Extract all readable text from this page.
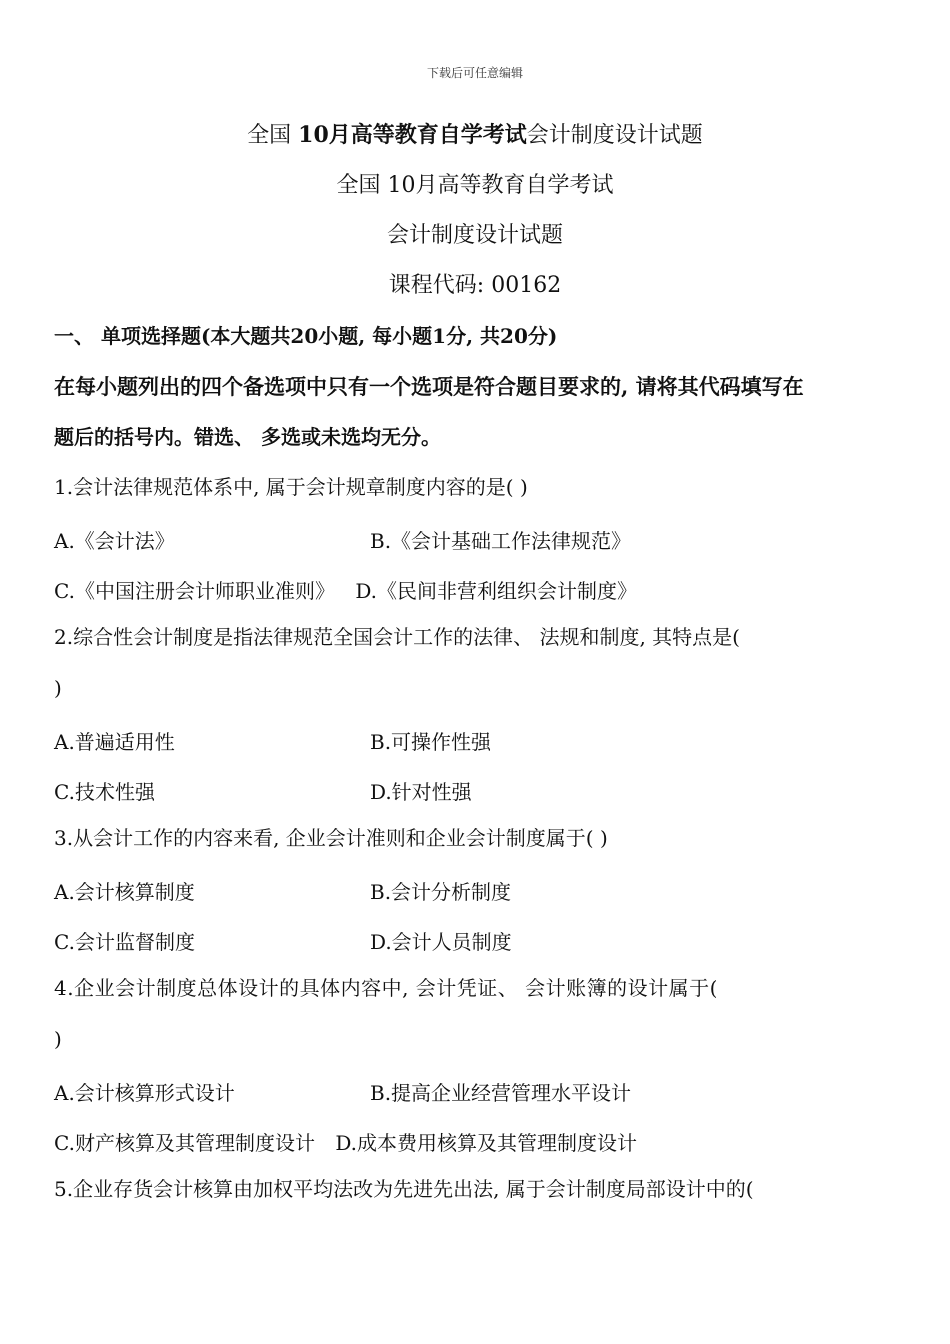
下载后可任意编辑
全国 10月高等教育自学考试会计制度设计试题
全国 10月高等教育自学考试
会计制度设计试题
课程代码: 00162
一、 单项选择题(本大题共20小题, 每小题1分, 共20分)
在每小题列出的四个备选项中只有一个选项是符合题目要求的, 请将其代码填写在
题后的括号内。错选、 多选或未选均无分。
1.会计法律规范体系中, 属于会计规章制度内容的是( )
A.《会计法》	B.《会计基础工作法律规范》
C.《中国注册会计师职业准则》 D.《民间非营利组织会计制度》
2.综合性会计制度是指法律规范全国会计工作的法律、 法规和制度, 其特点是(
)
A.普遍适用性	B.可操作性强
C.技术性强	D.针对性强
3.从会计工作的内容来看, 企业会计准则和企业会计制度属于( )
A.会计核算制度	B.会计分析制度
C.会计监督制度	D.会计人员制度
4.企业会计制度总体设计的具体内容中, 会计凭证、 会计账簿的设计属于(
)
A.会计核算形式设计	B.提高企业经营管理水平设计
C.财产核算及其管理制度设计 D.成本费用核算及其管理制度设计
5.企业存货会计核算由加权平均法改为先进先出法, 属于会计制度局部设计中的(
